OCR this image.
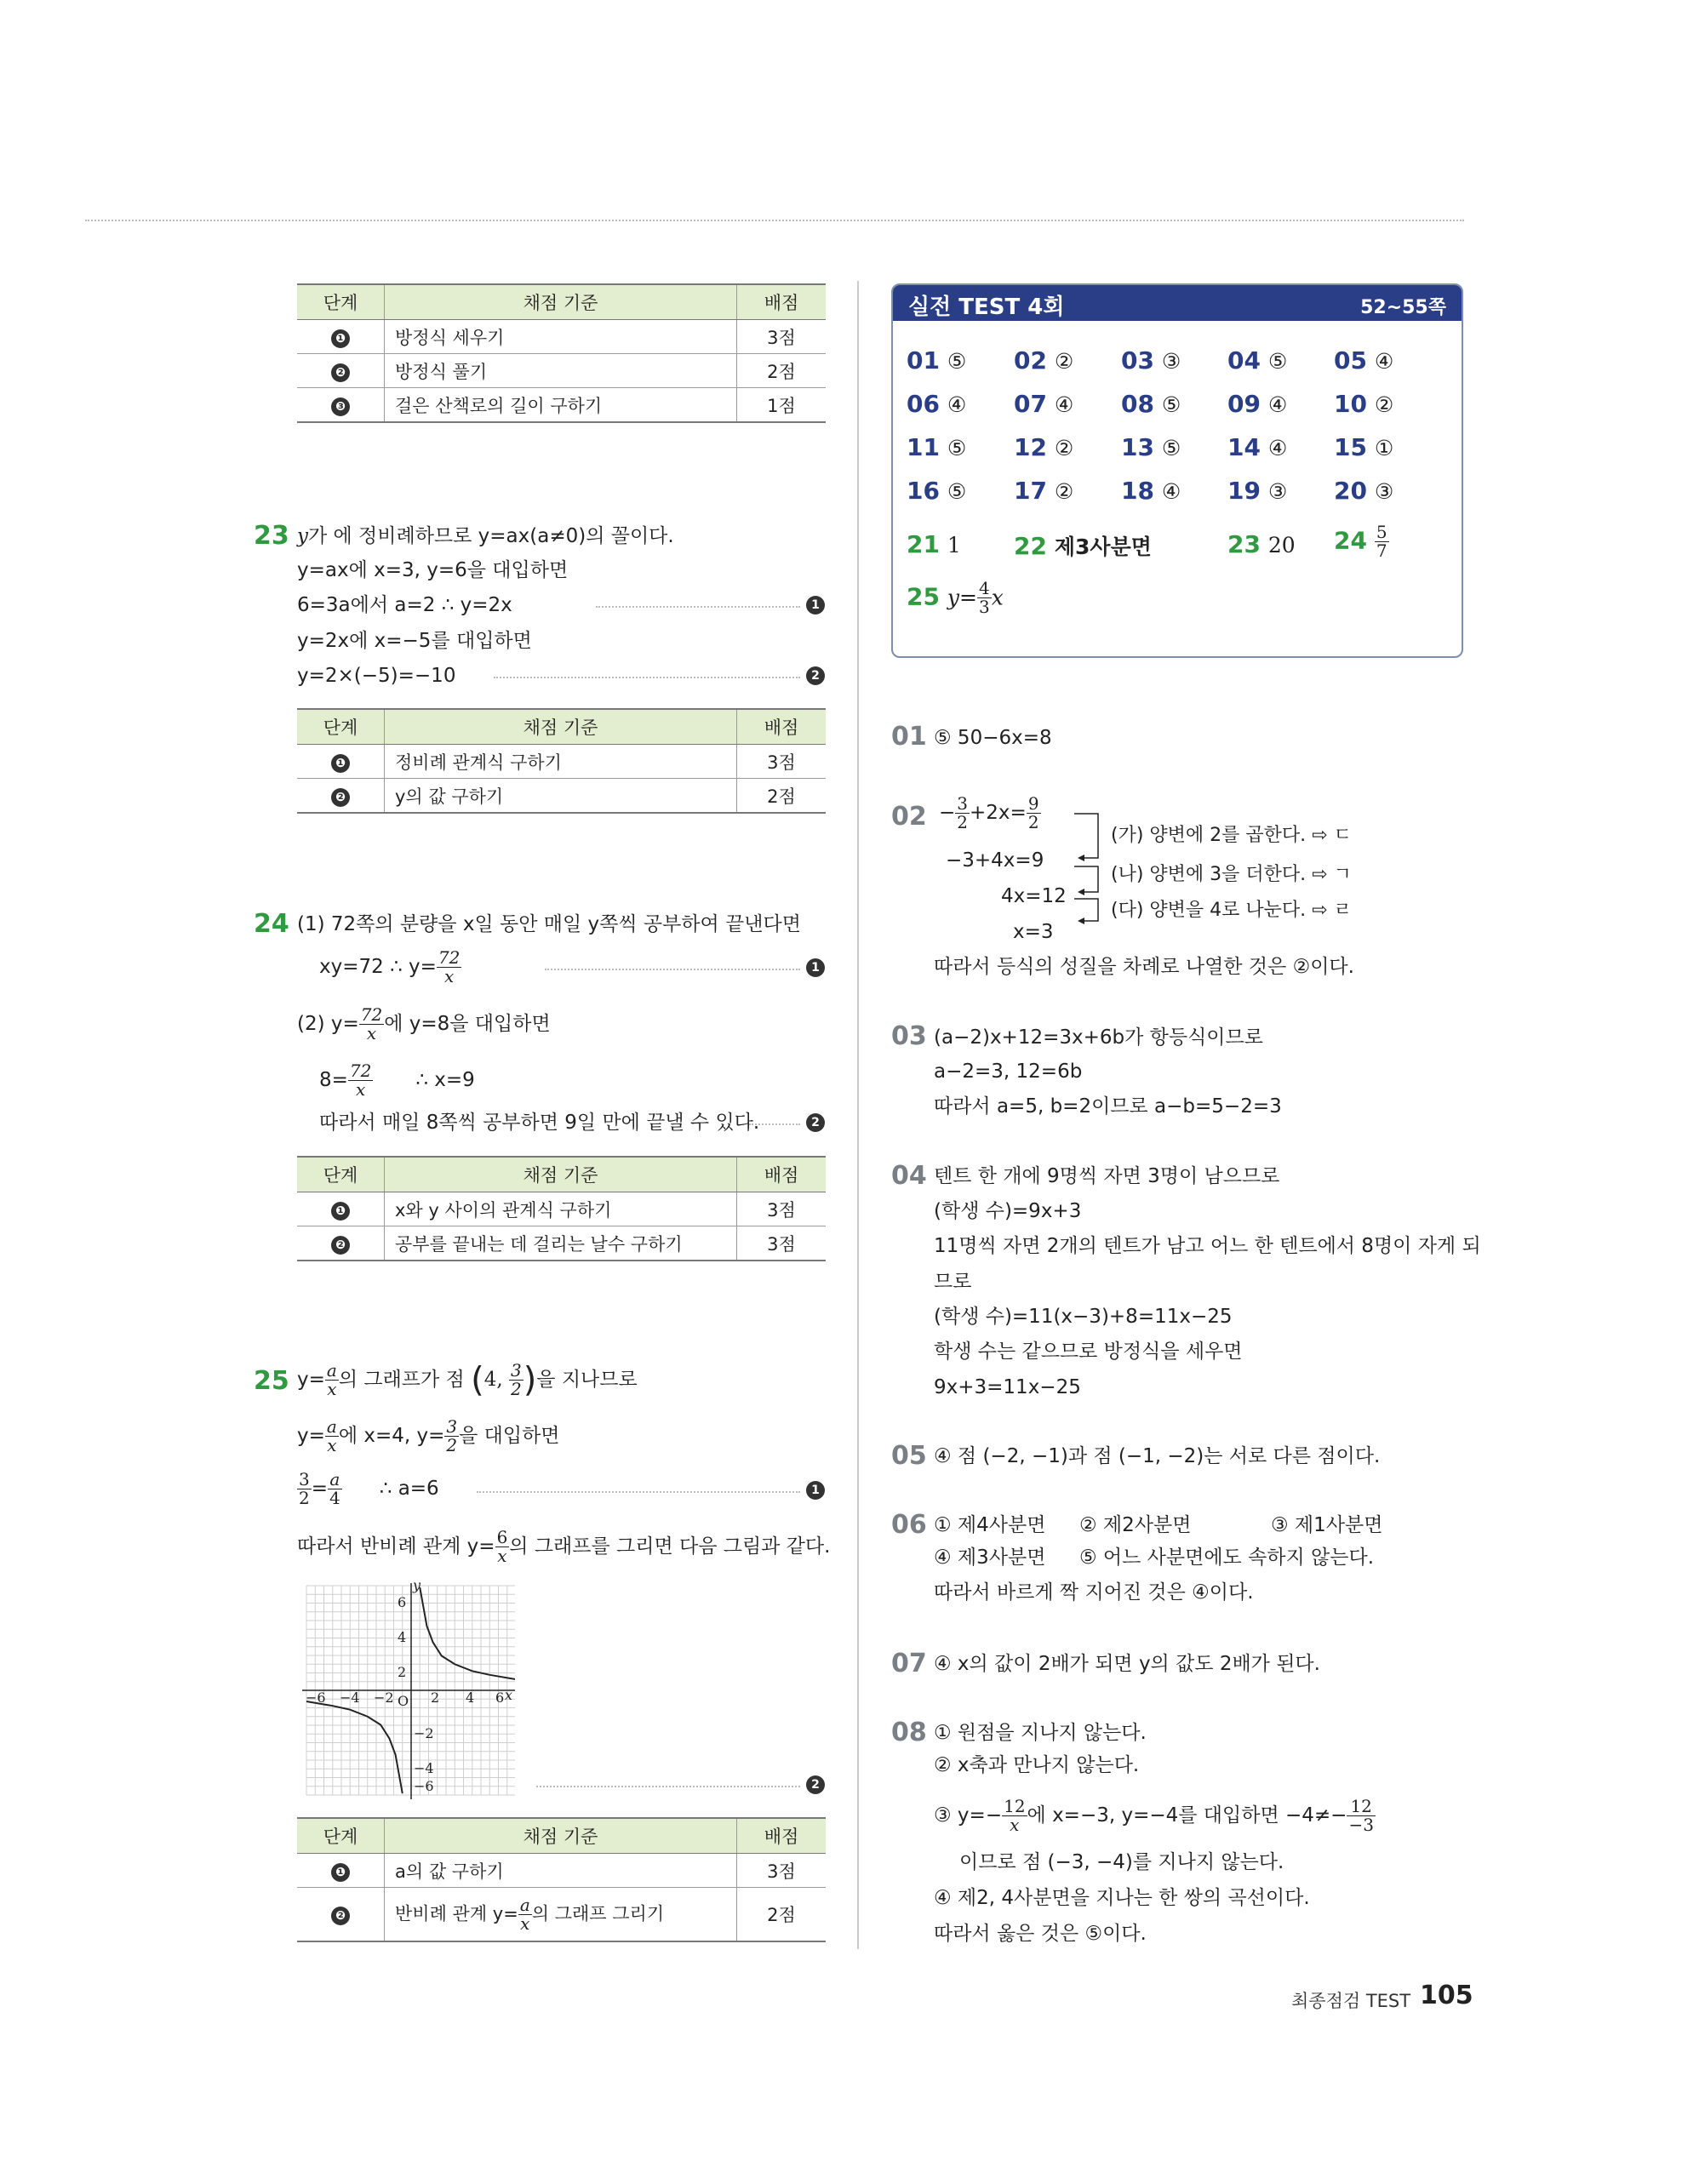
단계	채점 기준	배점
❶	방정식 세우기	3점
❷	방정식 풀기	2점
❸	걸은 산책로의 길이 구하기	1점
23 y가 에 정비례하므로 y=ax(a≠0)의 꼴이다.
y=ax에 x=3, y=6을 대입하면
6=3a에서 a=2 ∴ y=2x	1
y=2x에 x=−5를 대입하면
y=2×(−5)=−10	2
단계	채점 기준	배점
❶	정비례 관계식 구하기	3점
❷	y의 값 구하기	2점
24 (1) 72쪽의 분량을 x일 동안 매일 y쪽씩 공부하여 끝낸다면
xy=72 ∴ $y= \frac{72}{x}$	1
(2) $y= \frac{72}{x}$ 에 y=8을 대입하면
$8= \frac{72}{x}$ ∴ x=9
따라서 매일 8쪽씩 공부하면 9일 만에 끝낼 수 있다.	2
단계	채점 기준	배점
❶	x와 y 사이의 관계식 구하기	3점
❷	공부를 끝내는 데 걸리는 날수 구하기	3점
25 $y= \frac{a}{x}$ 의 그래프가 점 (4, $\frac{3}{2}$ )을 지나므로
$y= \frac{a}{x}$ 에 x=4, $y= \frac{3}{2}$ 을 대입하면
$\frac{3}{2} = \frac{a}{4}$ ∴ a=6	1
따라서 반비례 관계 $y= \frac{6}{x}$ 의 그래프를 그리면 다음 그림과 같다.
y
x
O
−6 −4 −2	2 4 6
6
4
2
−2
−4
−6	2
단계	채점 기준	배점
❶	a의 값 구하기	3점
❷	반비례 관계 $y= \frac{a}{x}$ 의 그래프 그리기	2점
실전 TEST 4회	52~55쪽
01 ⑤ 02 ② 03 ③ 04 ⑤ 05 ④
06 ④ 07 ④ 08 ⑤ 09 ④ 10 ②
11 ⑤ 12 ② 13 ⑤ 14 ④ 15 ①
16 ⑤ 17 ② 18 ④ 19 ③ 20 ③
21 1 22 제3사분면	23 20 $24 \frac{5}{7}$
25 $y= \frac{4}{3}$ x
01 ⑤ 50−6x=8
$02 - \frac{3}{2} +2x= \frac{9}{2}$
−3+4x=9
4x=12
x=3
(가) 양변에 2를 곱한다. ⇨ ㄷ
(나) 양변에 3을 더한다. ⇨ ㄱ
(다) 양변을 4로 나눈다. ⇨ ㄹ
따라서 등식의 성질을 차례로 나열한 것은 ②이다.
03 (a−2)x+12=3x+6b가 항등식이므로
a−2=3, 12=6b
따라서 a=5, b=2이므로 a−b=5−2=3
04 텐트 한 개에 9명씩 자면 3명이 남으므로
(학생 수)=9x+3
11명씩 자면 2개의 텐트가 남고 어느 한 텐트에서 8명이 자게 되
므로
(학생 수)=11(x−3)+8=11x−25
학생 수는 같으므로 방정식을 세우면
9x+3=11x−25
05 ④ 점 (−2, −1)과 점 (−1, −2)는 서로 다른 점이다.
06 ① 제4사분면 ② 제2사분면	③ 제1사분면
④ 제3사분면 ⑤ 어느 사분면에도 속하지 않는다.
따라서 바르게 짝 지어진 것은 ④이다.
07 ④ x의 값이 2배가 되면 y의 값도 2배가 된다.
08 ① 원점을 지나지 않는다.
② x축과 만나지 않는다.
③ $y=- \frac{12}{x}$ 에 x=−3, y=−4를 대입하면 $-4\ne- \frac{12}{-3}$
이므로 점 (−3, −4)를 지나지 않는다.
④ 제2, 4사분면을 지나는 한 쌍의 곡선이다.
따라서 옳은 것은 ⑤이다.
최종점검 TEST 105
